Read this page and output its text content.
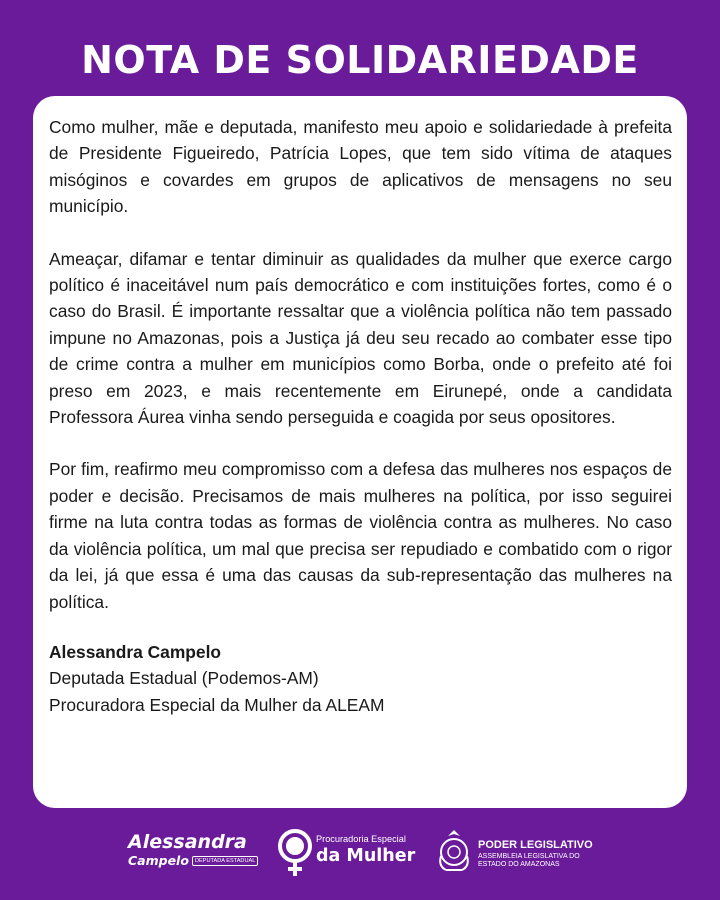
NOTA DE SOLIDARIEDADE

Como mulher, mãe e deputada, manifesto meu apoio e solidariedade à prefeita de Presidente Figueiredo, Patrícia Lopes, que tem sido vítima de ataques misóginos e covardes em grupos de aplicativos de mensagens no seu município.

Ameaçar, difamar e tentar diminuir as qualidades da mulher que exerce cargo político é inaceitável num país democrático e com instituições fortes, como é o caso do Brasil. É importante ressaltar que a violência política não tem passado impune no Amazonas, pois a Justiça já deu seu recado ao combater esse tipo de crime contra a mulher em municípios como Borba, onde o prefeito até foi preso em 2023, e mais recentemente em Eirunepé, onde a candidata Professora Áurea vinha sendo perseguida e coagida por seus opositores.

Por fim, reafirmo meu compromisso com a defesa das mulheres nos espaços de poder e decisão. Precisamos de mais mulheres na política, por isso seguirei firme na luta contra todas as formas de violência contra as mulheres. No caso da violência política, um mal que precisa ser repudiado e combatido com o rigor da lei, já que essa é uma das causas da sub-representação das mulheres na política.

Alessandra Campelo
Deputada Estadual (Podemos-AM)
Procuradora Especial da Mulher da ALEAM
Alessandra
Campelo DEPUTADA ESTADUAL
Procuradoria Especial
da Mulher
PODER LEGISLATIVO
ASSEMBLEIA LEGISLATIVA DO
ESTADO DO AMAZONAS
